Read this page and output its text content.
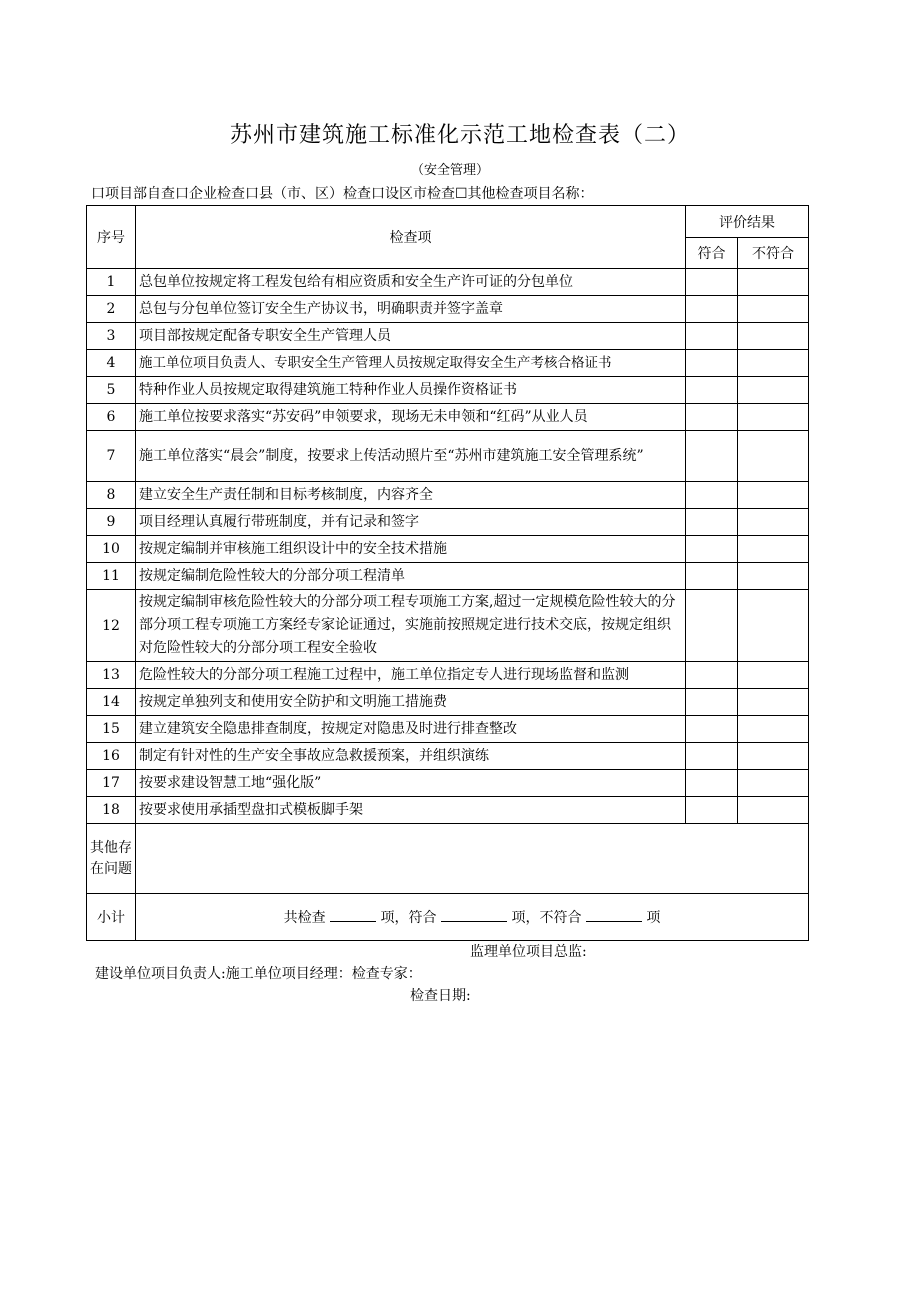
苏州市建筑施工标准化示范工地检查表（二）
（安全管理）
口项目部自查口企业检查口县（市、区）检查口设区市检查☐其他检查项目名称：
序号	检查项	评价结果	
		符合	不符合
1	总包单位按规定将工程发包给有相应资质和安全生产许可证的分包单位		
2	总包与分包单位签订安全生产协议书，明确职责并签字盖章		
3	项目部按规定配备专职安全生产管理人员		
4	施工单位项目负责人、专职安全生产管理人员按规定取得安全生产考核合格证书		
5	特种作业人员按规定取得建筑施工特种作业人员操作资格证书		
6	施工单位按要求落实“苏安码”申领要求，现场无未申领和“红码”从业人员		
7	施工单位落实“晨会”制度，按要求上传活动照片至“苏州市建筑施工安全管理系统”		
8	建立安全生产责任制和目标考核制度，内容齐全		
9	项目经理认真履行带班制度，并有记录和签字		
10	按规定编制并审核施工组织设计中的安全技术措施		
11	按规定编制危险性较大的分部分项工程清单		
12	按规定编制审核危险性较大的分部分项工程专项施工方案,超过一定规模危险性较大的分部分项工程专项施工方案经专家论证通过，实施前按照规定进行技术交底，按规定组织对危险性较大的分部分项工程安全验收		
13	危险性较大的分部分项工程施工过程中，施工单位指定专人进行现场监督和监测		
14	按规定单独列支和使用安全防护和文明施工措施费		
15	建立建筑安全隐患排查制度，按规定对隐患及时进行排查整改		
16	制定有针对性的生产安全事故应急救援预案，并组织演练		
17	按要求建设智慧工地“强化版”		
18	按要求使用承插型盘扣式模板脚手架		
其他存在问题			
小计	共检查 项，符合 项，不符合 项		
监理单位项目总监:
建设单位项目负责人:施工单位项目经理：检查专家：
检查日期:
